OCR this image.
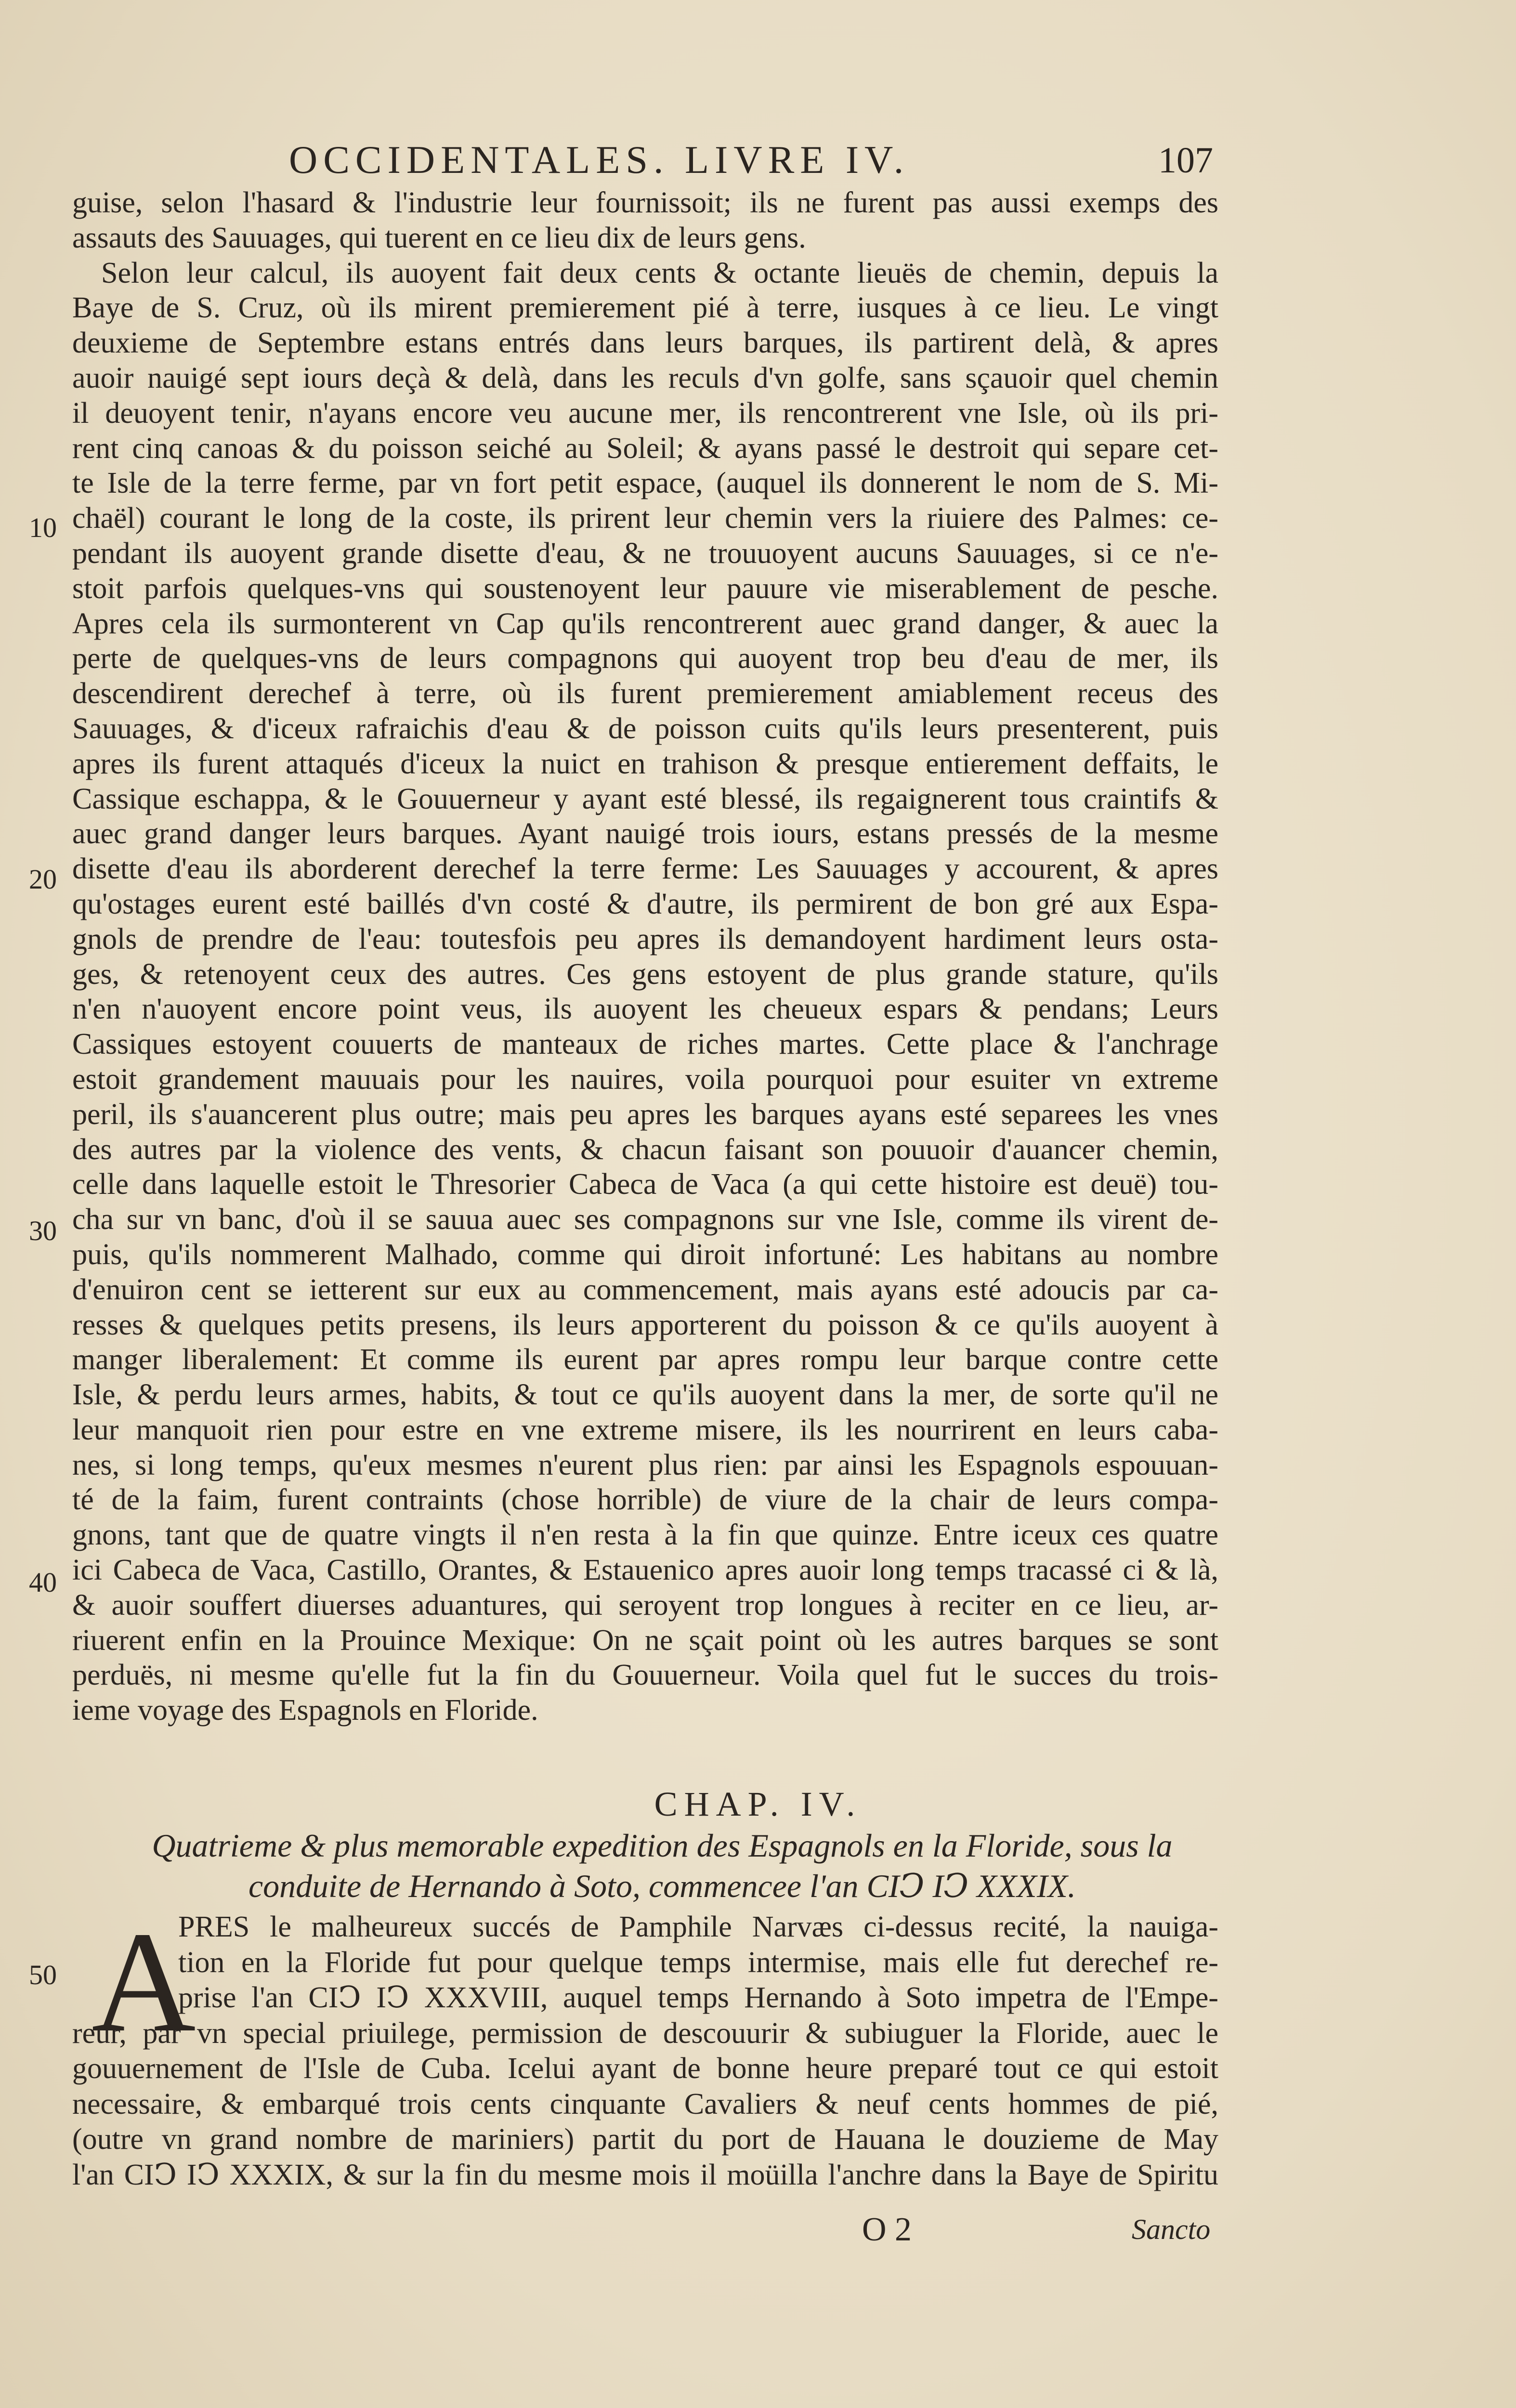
OCCIDENTALES. LIVRE IV.	107
guise, selon l'hasard & l'industrie leur fournissoit; ils ne furent pas aussi exemps des
assauts des Sauuages, qui tuerent en ce lieu dix de leurs gens.
Selon leur calcul, ils auoyent fait deux cents & octante lieuës de chemin, depuis la
Baye de S. Cruz, où ils mirent premierement pié à terre, iusques à ce lieu. Le vingt
deuxieme de Septembre estans entrés dans leurs barques, ils partirent delà, & apres
auoir nauigé sept iours deçà & delà, dans les reculs d'vn golfe, sans sçauoir quel chemin
il deuoyent tenir, n'ayans encore veu aucune mer, ils rencontrerent vne Isle, où ils pri-
rent cinq canoas & du poisson seiché au Soleil; & ayans passé le destroit qui separe cet-
te Isle de la terre ferme, par vn fort petit espace, (auquel ils donnerent le nom de S. Mi-
chaël) courant le long de la coste, ils prirent leur chemin vers la riuiere des Palmes: ce-
pendant ils auoyent grande disette d'eau, & ne trouuoyent aucuns Sauuages, si ce n'e-
stoit parfois quelques-vns qui soustenoyent leur pauure vie miserablement de pesche.
Apres cela ils surmonterent vn Cap qu'ils rencontrerent auec grand danger, & auec la
perte de quelques-vns de leurs compagnons qui auoyent trop beu d'eau de mer, ils
descendirent derechef à terre, où ils furent premierement amiablement receus des
Sauuages, & d'iceux rafraichis d'eau & de poisson cuits qu'ils leurs presenterent, puis
apres ils furent attaqués d'iceux la nuict en trahison & presque entierement deffaits, le
Cassique eschappa, & le Gouuerneur y ayant esté blessé, ils regaignerent tous craintifs &
auec grand danger leurs barques. Ayant nauigé trois iours, estans pressés de la mesme
disette d'eau ils aborderent derechef la terre ferme: Les Sauuages y accourent, & apres
qu'ostages eurent esté baillés d'vn costé & d'autre, ils permirent de bon gré aux Espa-
gnols de prendre de l'eau: toutesfois peu apres ils demandoyent hardiment leurs osta-
ges, & retenoyent ceux des autres. Ces gens estoyent de plus grande stature, qu'ils
n'en n'auoyent encore point veus, ils auoyent les cheueux espars & pendans; Leurs
Cassiques estoyent couuerts de manteaux de riches martes. Cette place & l'anchrage
estoit grandement mauuais pour les nauires, voila pourquoi pour esuiter vn extreme
peril, ils s'auancerent plus outre; mais peu apres les barques ayans esté separees les vnes
des autres par la violence des vents, & chacun faisant son pouuoir d'auancer chemin,
celle dans laquelle estoit le Thresorier Cabeca de Vaca (a qui cette histoire est deuë) tou-
cha sur vn banc, d'où il se sauua auec ses compagnons sur vne Isle, comme ils virent de-
puis, qu'ils nommerent Malhado, comme qui diroit infortuné: Les habitans au nombre
d'enuiron cent se ietterent sur eux au commencement, mais ayans esté adoucis par ca-
resses & quelques petits presens, ils leurs apporterent du poisson & ce qu'ils auoyent à
manger liberalement: Et comme ils eurent par apres rompu leur barque contre cette
Isle, & perdu leurs armes, habits, & tout ce qu'ils auoyent dans la mer, de sorte qu'il ne
leur manquoit rien pour estre en vne extreme misere, ils les nourrirent en leurs caba-
nes, si long temps, qu'eux mesmes n'eurent plus rien: par ainsi les Espagnols espouuan-
té de la faim, furent contraints (chose horrible) de viure de la chair de leurs compa-
gnons, tant que de quatre vingts il n'en resta à la fin que quinze. Entre iceux ces quatre
ici Cabeca de Vaca, Castillo, Orantes, & Estauenico apres auoir long temps tracassé ci & là,
& auoir souffert diuerses aduantures, qui seroyent trop longues à reciter en ce lieu, ar-
riuerent enfin en la Prouince Mexique: On ne sçait point où les autres barques se sont
perduës, ni mesme qu'elle fut la fin du Gouuerneur. Voila quel fut le succes du trois-
ieme voyage des Espagnols en Floride.
10
20
30
40
CHAP. IV.
Quatrieme & plus memorable expedition des Espagnols en la Floride, sous la
conduite de Hernando à Soto, commencee l'an CIↃ IↃ XXXIX.
A
50
PRES le malheureux succés de Pamphile Narvæs ci-dessus recité, la nauiga-
tion en la Floride fut pour quelque temps intermise, mais elle fut derechef re-
prise l'an CIↃ IↃ XXXVIII, auquel temps Hernando à Soto impetra de l'Empe-
reur, par vn special priuilege, permission de descouurir & subiuguer la Floride, auec le
gouuernement de l'Isle de Cuba. Icelui ayant de bonne heure preparé tout ce qui estoit
necessaire, & embarqué trois cents cinquante Cavaliers & neuf cents hommes de pié,
(outre vn grand nombre de mariniers) partit du port de Hauana le douzieme de May
l'an CIↃ IↃ XXXIX, & sur la fin du mesme mois il moüilla l'anchre dans la Baye de Spiritu
O 2	Sancto
